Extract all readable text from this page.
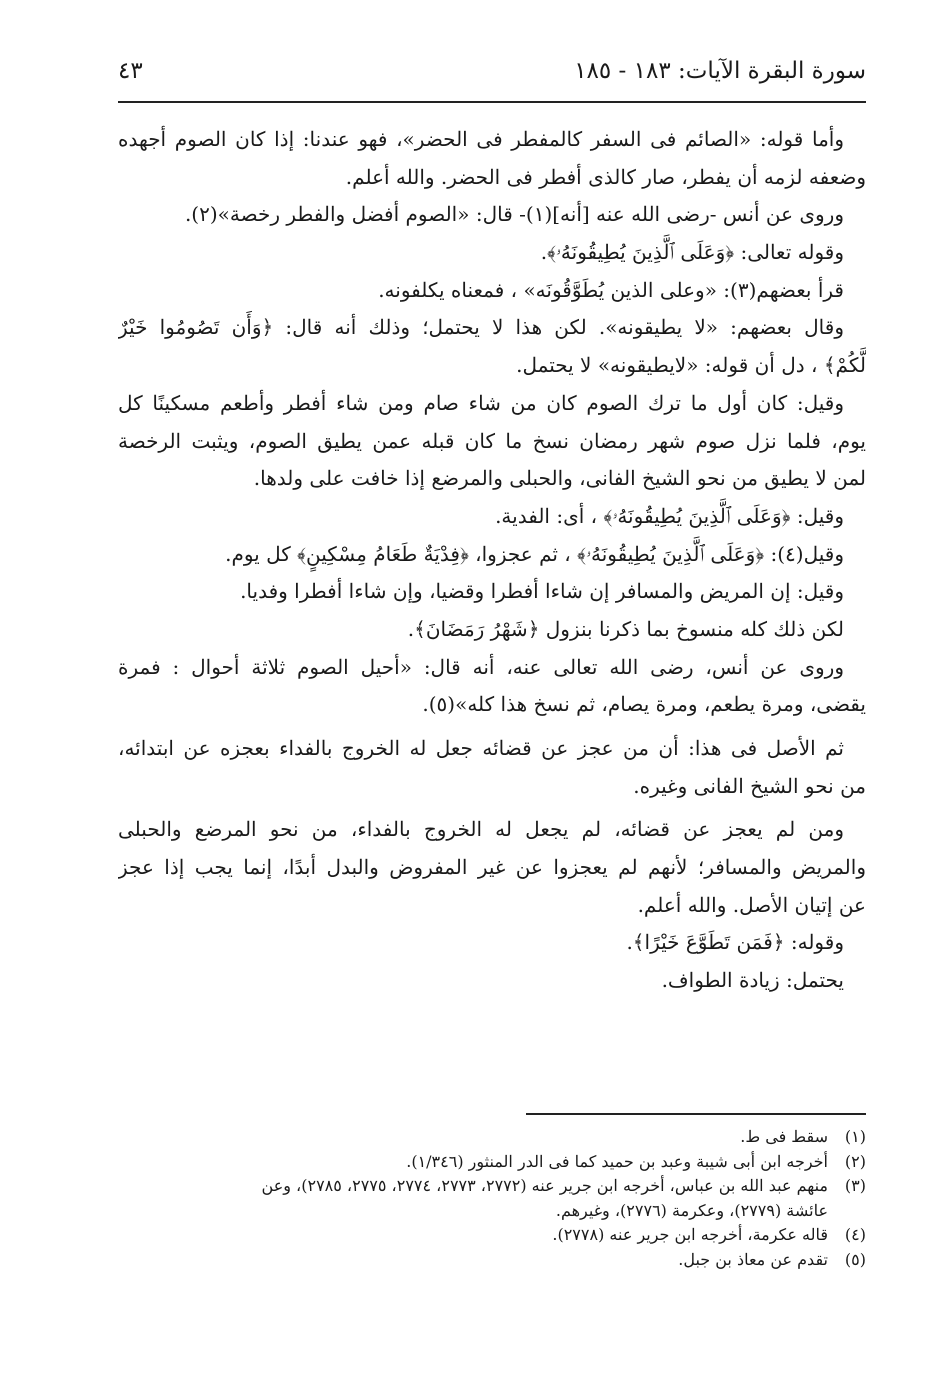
سورة البقرة الآيات: ١٨٣ - ١٨٥
٤٣
وأما قوله: «الصائم فى السفر كالمفطر فى الحضر»، فهو عندنا: إذا كان الصوم أجهده
وضعفه لزمه أن يفطر، صار كالذى أفطر فى الحضر. والله أعلم.
وروى عن أنس -رضى الله عنه [أنه](١)- قال: «الصوم أفضل والفطر رخصة»(٢).
وقوله تعالى: ﴿وَعَلَى ٱلَّذِينَ يُطِيقُونَهُۥ﴾.
قرأ بعضهم(٣): «وعلى الذين يُطَوَّقُونَه» ، فمعناه يكلفونه.
وقال بعضهم: «لا يطيقونه». لكن هذا لا يحتمل؛ وذلك أنه قال: ﴿وَأَن تَصُومُوا خَيْرٌ
لَّكُمْ﴾ ، دل أن قوله: «لايطيقونه» لا يحتمل.
وقيل: كان أول ما ترك الصوم كان من شاء صام ومن شاء أفطر وأطعم مسكينًا كل
يوم، فلما نزل صوم شهر رمضان نسخ ما كان قبله عمن يطيق الصوم، ويثبت الرخصة
لمن لا يطيق من نحو الشيخ الفانى، والحبلى والمرضع إذا خافت على ولدها.
وقيل: ﴿وَعَلَى ٱلَّذِينَ يُطِيقُونَهُۥ﴾ ، أى: الفدية.
وقيل(٤): ﴿وَعَلَى ٱلَّذِينَ يُطِيقُونَهُۥ﴾ ، ثم عجزوا، ﴿فِدْيَةٌ طَعَامُ مِسْكِينٍ﴾ كل يوم.
وقيل: إن المريض والمسافر إن شاءا أفطرا وقضيا، وإن شاءا أفطرا وفديا.
لكن ذلك كله منسوخ بما ذكرنا بنزول ﴿شَهْرُ رَمَضَانَ﴾.
وروى عن أنس، رضى الله تعالى عنه، أنه قال: «أحيل الصوم ثلاثة أحوال : فمرة
يقضى، ومرة يطعم، ومرة يصام، ثم نسخ هذا كله»(٥).
ثم الأصل فى هذا: أن من عجز عن قضائه جعل له الخروج بالفداء بعجزه عن ابتدائه،
من نحو الشيخ الفانى وغيره.
ومن لم يعجز عن قضائه، لم يجعل له الخروج بالفداء، من نحو المرضع والحبلى
والمريض والمسافر؛ لأنهم لم يعجزوا عن غير المفروض والبدل أبدًا، إنما يجب إذا عجز
عن إتيان الأصل. والله أعلم.
وقوله: ﴿فَمَن تَطَوَّعَ خَيْرًا﴾.
يحتمل: زيادة الطواف.
(١)سقط فى ط.
(٢)أخرجه ابن أبى شيبة وعبد بن حميد كما فى الدر المنثور (١/٣٤٦).
(٣)منهم عبد الله بن عباس، أخرجه ابن جرير عنه (٢٧٧٢، ٢٧٧٣، ٢٧٧٤، ٢٧٧٥، ٢٧٨٥)، وعن
عائشة (٢٧٧٩)، وعكرمة (٢٧٧٦)، وغيرهم.
(٤)قاله عكرمة، أخرجه ابن جرير عنه (٢٧٧٨).
(٥)تقدم عن معاذ بن جبل.
